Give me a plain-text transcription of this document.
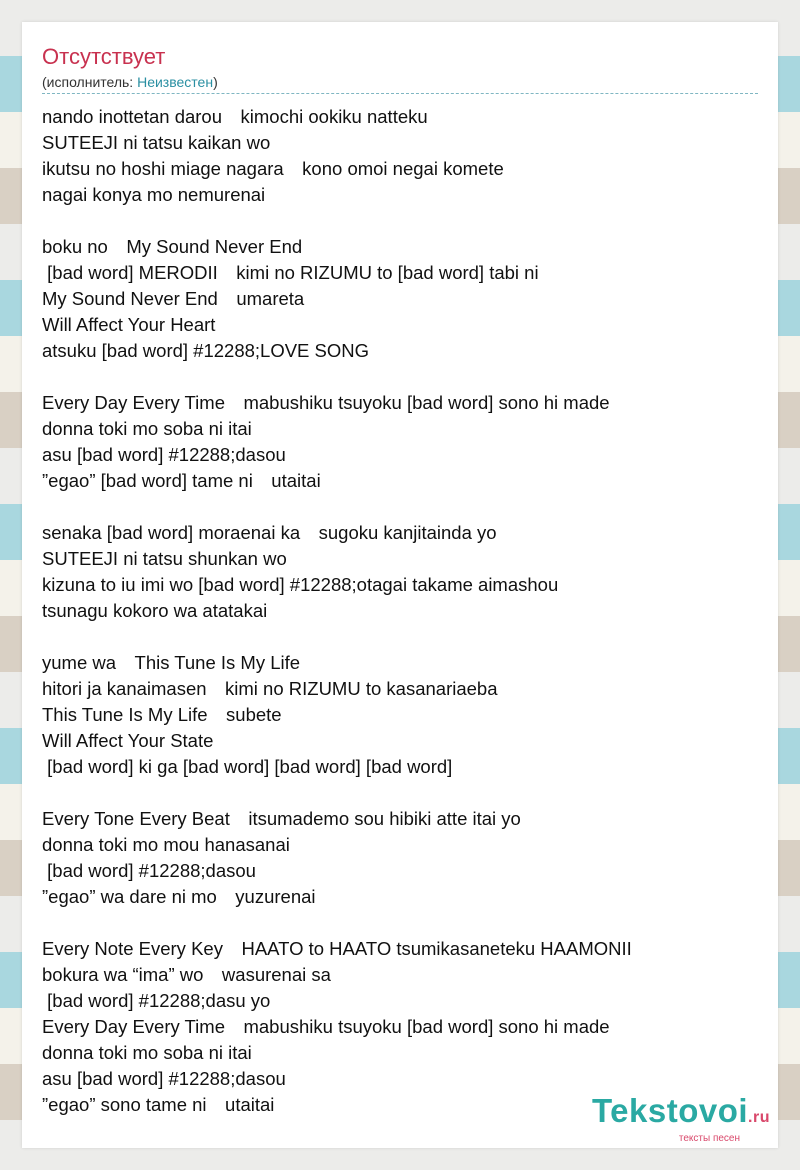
Отсутствует
(исполнитель: Неизвестен)
nando inottetan darou　kimochi ookiku natteku
SUTEEJI ni tatsu kaikan wo
ikutsu no hoshi miage nagara　kono omoi negai komete
nagai konya mo nemurenai
boku no　My Sound Never End
[bad word] MERODII　kimi no RIZUMU to [bad word] tabi ni
My Sound Never End　umareta
Will Affect Your Heart
atsuku [bad word] #12288;LOVE SONG
Every Day Every Time　mabushiku tsuyoku [bad word] sono hi made
donna toki mo soba ni itai
asu [bad word] #12288;dasou
”egao” [bad word] tame ni　utaitai
senaka [bad word] moraenai ka　sugoku kanjitainda yo
SUTEEJI ni tatsu shunkan wo
kizuna to iu imi wo [bad word] #12288;otagai takame aimashou
tsunagu kokoro wa atatakai
yume wa　This Tune Is My Life
hitori ja kanaimasen　kimi no RIZUMU to kasanariaeba
This Tune Is My Life　subete
Will Affect Your State
[bad word] ki ga [bad word] [bad word] [bad word]
Every Tone Every Beat　itsumademo sou hibiki atte itai yo
donna toki mo mou hanasanai
[bad word] #12288;dasou
”egao” wa dare ni mo　yuzurenai
Every Note Every Key　HAATO to HAATO tsumikasaneteku HAAMONII
bokura wa “ima” wo　wasurenai sa
[bad word] #12288;dasu yo
Every Day Every Time　mabushiku tsuyoku [bad word] sono hi made
donna toki mo soba ni itai
asu [bad word] #12288;dasou
”egao” sono tame ni　utaitai	Tekstovoi.ru
тексты песен
